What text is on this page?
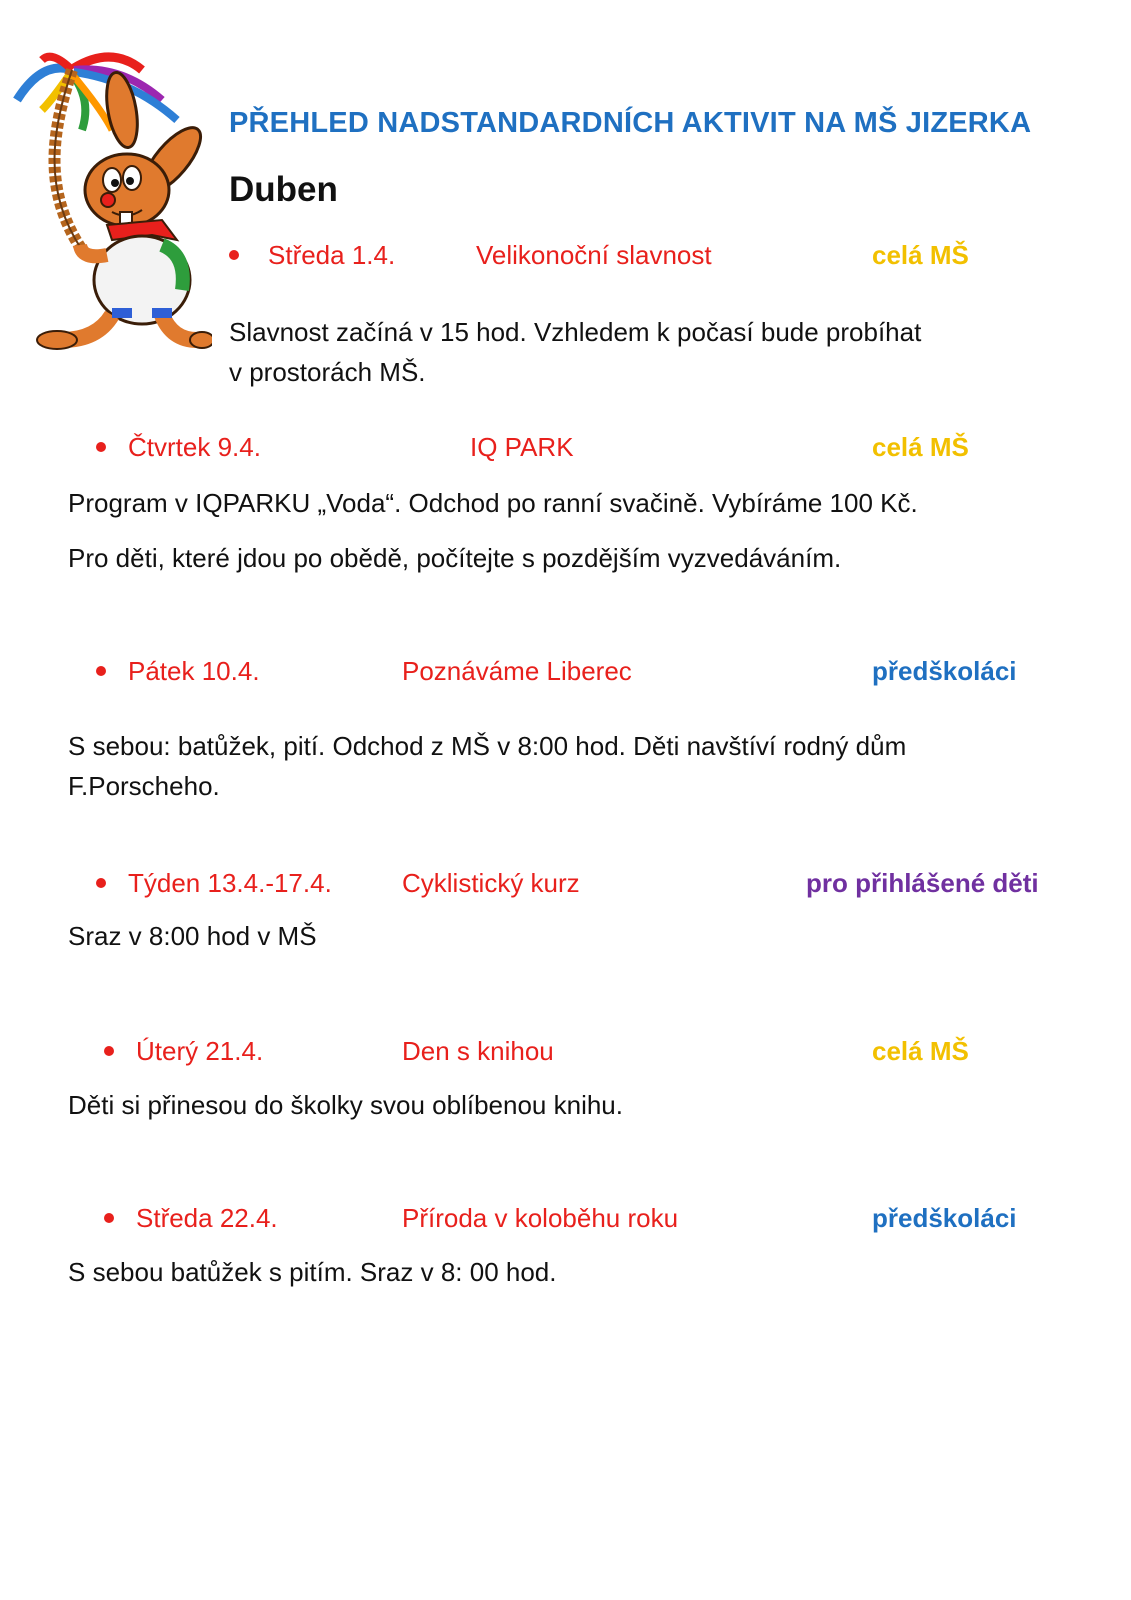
PŘEHLED NADSTANDARDNÍCH AKTIVIT NA MŠ JIZERKA
Duben
Středa 1.4.	Velikonoční slavnost	celá MŠ
Slavnost začíná v 15 hod. Vzhledem k počasí bude probíhat
v prostorách MŠ.
Čtvrtek 9.4.	IQ PARK	celá MŠ
Program v IQPARKU „Voda“. Odchod po ranní svačině. Vybíráme 100 Kč.
Pro děti, které jdou po obědě, počítejte s pozdějším vyzvedáváním.
Pátek 10.4.	Poznáváme Liberec	předškoláci
S sebou: batůžek, pití. Odchod z MŠ v 8:00 hod. Děti navštíví rodný dům
F.Porscheho.
Týden 13.4.-17.4.	Cyklistický kurz	pro přihlášené děti
Sraz v 8:00 hod v MŠ
Úterý 21.4.	Den s knihou	celá MŠ
Děti si přinesou do školky svou oblíbenou knihu.
Středa 22.4.	Příroda v koloběhu roku	předškoláci
S sebou batůžek s pitím. Sraz v 8: 00 hod.
